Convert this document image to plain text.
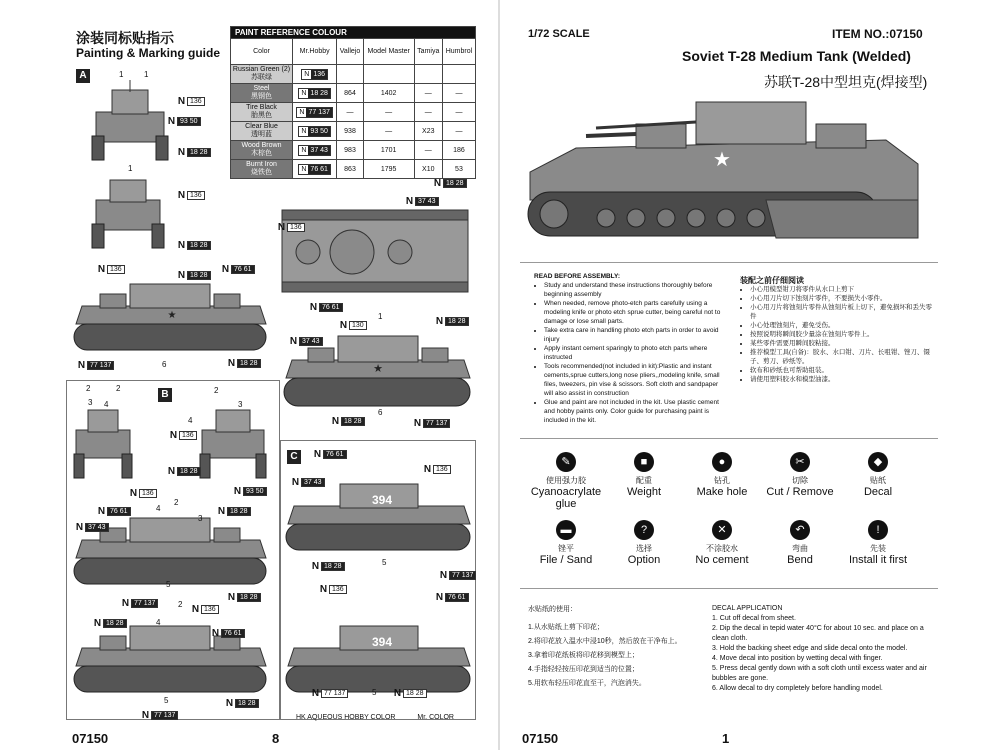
涂装同标贴指示
Painting & Marking guide
PAINT REFERENCE COLOUR					
Color	Mr.Hobby	Vallejo	Model Master	Tamiya	Humbrol

Russian Green (2)
苏联绿	N 136				

Steel
黑钢色	N 18 28	864	1402	—	—

Tire Black
胎黑色	N 77 137	—	—	—	—

Clear Blue
透明蓝	N 93 50	938	—	X23	—

Wood Brown
木棕色	N 37 43	983	1701	—	186

Burnt Iron
烧铁色	N 76 61	863	1795	X10	53
A
B
C
★
★
394
394
N 136
N 93 50
N 18 28
N 136
N 18 28
N 136
N 18 28
N 76 61
N 77 137	N 18 28
N 18 28
N 37 43
N 136
N 76 61
N 130	N 18 28
N 37 43
N 18 28	N 77 137
N 136
N 18 28
N 93 50
N 136
N 76 61	N 18 28
N 37 43
N 18 28
N 77 137
N 136
N 18 28
N 76 61
N 18 28
N 77 137
N 76 61
N 136
N 37 43
N 18 28
N 77 137
N 136
N 76 61
N 77 137	N 18 28
1	1
1
6
1
6
2	2
3 4
2
4
3
2
4
3
5
2
4
5
5
5
HK AQUEOUS HOBBY COLOR	Mr. COLOR
07150	8
1/72 SCALE	ITEM NO.:07150
Soviet T-28 Medium Tank (Welded)
苏联T-28中型坦克(焊接型)
★
READ BEFORE ASSEMBLY:
• Study and understand these instructions thoroughly before beginning assembly
• When needed, remove photo-etch parts carefully using a modeling knife or photo etch sprue cutter, being careful not to damage or lose small parts.
• Take extra care in handling photo etch parts in order to avoid injury
• Apply instant cement sparingly to photo etch parts where instructed
• Tools recommended(not included in kit):Plastic and instant cements,sprue cutters,long nose pliers,,modeling knife, small files, tweezers, pin vise & scissors. Soft cloth and sandpaper will also assist in construction
• Glue and paint are not included in the kit. Use plastic cement and hobby paints only. Color guide for purchasing paint is included in the kit.
装配之前仔细阅读
• 小心用模型钳刀将零件从水口上剪下
• 小心用刀片切下蚀刻片零件，不要损失小零件。
• 小心用刀片将蚀刻片零件从蚀刻片板上切下，避免损坏和丢失零件
• 小心处理蚀刻片，避免受伤。
• 按照说明将瞬间胶少量涂在蚀刻片零件上。
• 某些零件需要用瞬间胶粘接。
• 推荐模型工具(自备)：胶水、水口钳、刀片、长咀钳、锉刀、镊子、剪刀、砂纸等。
• 软布和砂纸也可帮助组装。
• 请使用塑料胶水和模型油漆。
✎
使用强力胶
Cyanoacrylate glue
■
配重
Weight
●
钻孔
Make hole
✂
切除
Cut / Remove
◆
贴纸
Decal
▬
锉平
File / Sand
?
选择
Option
✕
不涂胶水
No cement
↶
弯曲
Bend
!
先装
Install it first
水贴纸的使用：
1.从水贴纸上剪下印花；
2.将印花放入温水中浸10秒，然后放在干净布上。
3.拿着印花纸板将印花移到模型上；
4.手指轻轻按压印花到适当的位置；
5.用软布轻压印花直至干，汽泡消失。
DECAL APPLICATION
1. Cut off decal from sheet.
2. Dip the decal in tepid water 40°C for about 10 sec. and place on a clean cloth.
3. Hold the backing sheet edge and slide decal onto the model.
4. Move decal into position by wetting decal with finger.
5. Press decal gently down with a soft cloth until excess water and air bubbles are gone.
6. Allow decal to dry completely before handling model.
07150	1
